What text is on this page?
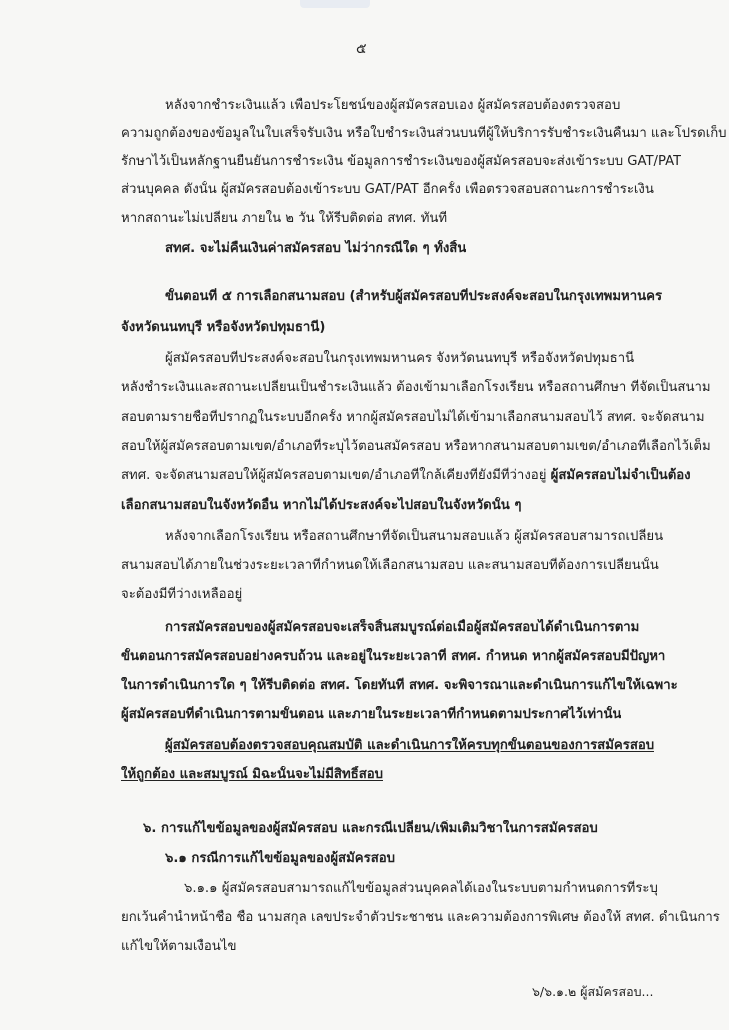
๕
หลังจากชำระเงินแล้ว เพื่อประโยชน์ของผู้สมัครสอบเอง ผู้สมัครสอบต้องตรวจสอบ
ความถูกต้องของข้อมูลในใบเสร็จรับเงิน หรือใบชำระเงินส่วนบนที่ผู้ให้บริการรับชำระเงินคืนมา และโปรดเก็บ
รักษาไว้เป็นหลักฐานยืนยันการชำระเงิน ข้อมูลการชำระเงินของผู้สมัครสอบจะส่งเข้าระบบ GAT/PAT
ส่วนบุคคล ดังนั้น ผู้สมัครสอบต้องเข้าระบบ GAT/PAT อีกครั้ง เพื่อตรวจสอบสถานะการชำระเงิน
หากสถานะไม่เปลี่ยน ภายใน ๒ วัน ให้รีบติดต่อ สทศ. ทันที
สทศ. จะไม่คืนเงินค่าสมัครสอบ ไม่ว่ากรณีใด ๆ ทั้งสิ้น
ขั้นตอนที่ ๕ การเลือกสนามสอบ (สำหรับผู้สมัครสอบที่ประสงค์จะสอบในกรุงเทพมหานคร
จังหวัดนนทบุรี หรือจังหวัดปทุมธานี)
ผู้สมัครสอบที่ประสงค์จะสอบในกรุงเทพมหานคร จังหวัดนนทบุรี หรือจังหวัดปทุมธานี
หลังชำระเงินและสถานะเปลี่ยนเป็นชำระเงินแล้ว ต้องเข้ามาเลือกโรงเรียน หรือสถานศึกษา ที่จัดเป็นสนาม
สอบตามรายชื่อที่ปรากฏในระบบอีกครั้ง หากผู้สมัครสอบไม่ได้เข้ามาเลือกสนามสอบไว้ สทศ. จะจัดสนาม
สอบให้ผู้สมัครสอบตามเขต/อำเภอที่ระบุไว้ตอนสมัครสอบ หรือหากสนามสอบตามเขต/อำเภอที่เลือกไว้เต็ม
สทศ. จะจัดสนามสอบให้ผู้สมัครสอบตามเขต/อำเภอที่ใกล้เคียงที่ยังมีที่ว่างอยู่ ผู้สมัครสอบไม่จำเป็นต้อง
เลือกสนามสอบในจังหวัดอื่น หากไม่ได้ประสงค์จะไปสอบในจังหวัดนั้น ๆ
หลังจากเลือกโรงเรียน หรือสถานศึกษาที่จัดเป็นสนามสอบแล้ว ผู้สมัครสอบสามารถเปลี่ยน
สนามสอบได้ภายในช่วงระยะเวลาที่กำหนดให้เลือกสนามสอบ และสนามสอบที่ต้องการเปลี่ยนนั้น
จะต้องมีที่ว่างเหลืออยู่
การสมัครสอบของผู้สมัครสอบจะเสร็จสิ้นสมบูรณ์ต่อเมื่อผู้สมัครสอบได้ดำเนินการตาม
ขั้นตอนการสมัครสอบอย่างครบถ้วน และอยู่ในระยะเวลาที่ สทศ. กำหนด หากผู้สมัครสอบมีปัญหา
ในการดำเนินการใด ๆ ให้รีบติดต่อ สทศ. โดยทันที สทศ. จะพิจารณาและดำเนินการแก้ไขให้เฉพาะ
ผู้สมัครสอบที่ดำเนินการตามขั้นตอน และภายในระยะเวลาที่กำหนดตามประกาศไว้เท่านั้น
ผู้สมัครสอบต้องตรวจสอบคุณสมบัติ และดำเนินการให้ครบทุกขั้นตอนของการสมัครสอบ
ให้ถูกต้อง และสมบูรณ์ มิฉะนั้นจะไม่มีสิทธิ์สอบ
๖. การแก้ไขข้อมูลของผู้สมัครสอบ และกรณีเปลี่ยน/เพิ่มเติมวิชาในการสมัครสอบ
๖.๑ กรณีการแก้ไขข้อมูลของผู้สมัครสอบ
๖.๑.๑ ผู้สมัครสอบสามารถแก้ไขข้อมูลส่วนบุคคลได้เองในระบบตามกำหนดการที่ระบุ
ยกเว้นคำนำหน้าชื่อ ชื่อ นามสกุล เลขประจำตัวประชาชน และความต้องการพิเศษ ต้องให้ สทศ. ดำเนินการ
แก้ไขให้ตามเงื่อนไข
๖/๖.๑.๒ ผู้สมัครสอบ...
